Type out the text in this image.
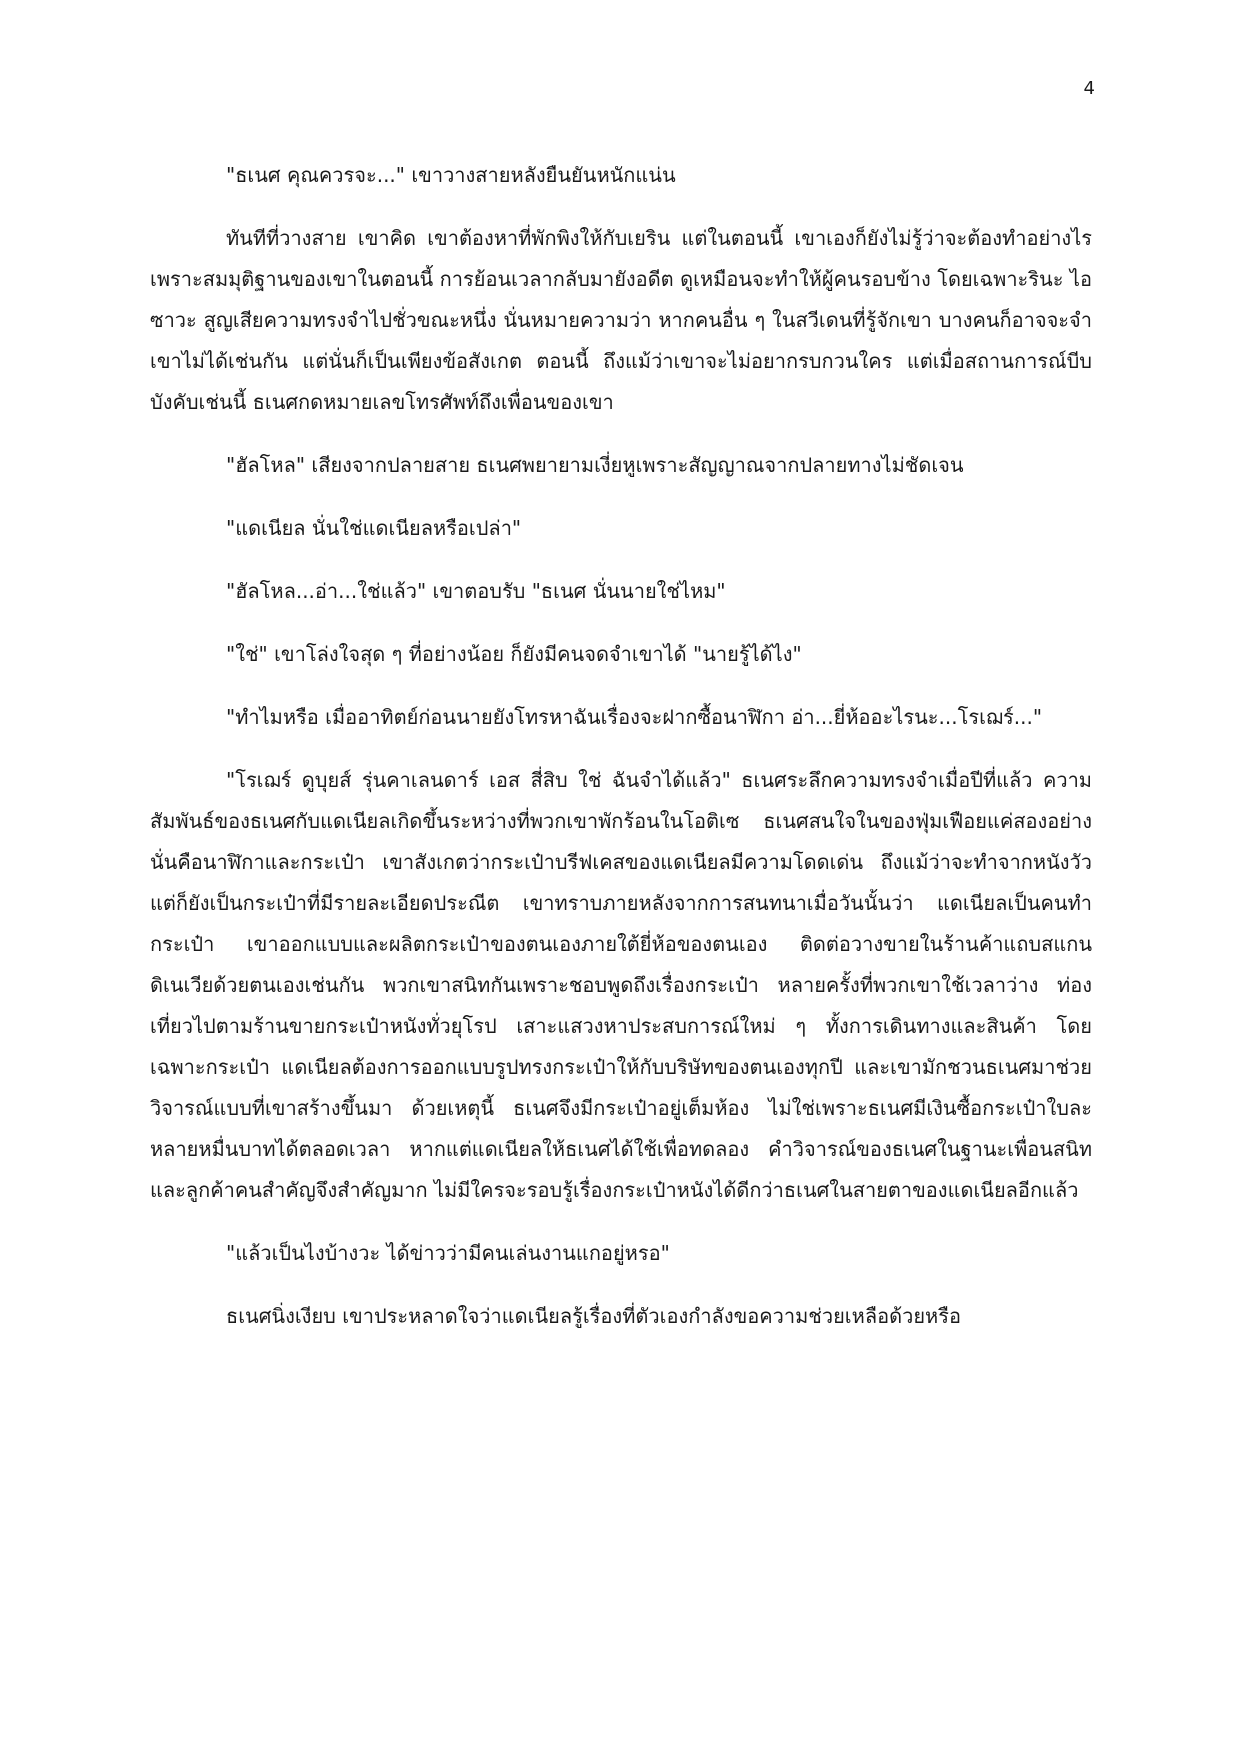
4

"ธเนศ คุณควรจะ..." เขาวางสายหลังยืนยันหนักแน่น

ทันทีที่วางสาย เขาคิด เขาต้องหาที่พักพิงให้กับเยริน แต่ในตอนนี้ เขาเองก็ยังไม่รู้ว่าจะต้องทำอย่างไร เพราะสมมุติฐานของเขาในตอนนี้ การย้อนเวลากลับมายังอดีต ดูเหมือนจะทำให้ผู้คนรอบข้าง โดยเฉพาะรินะ ไอซาวะ สูญเสียความทรงจำไปชั่วขณะหนึ่ง นั่นหมายความว่า หากคนอื่น ๆ ในสวีเดนที่รู้จักเขา บางคนก็อาจจะจำเขาไม่ได้เช่นกัน แต่นั่นก็เป็นเพียงข้อสังเกต ตอนนี้ ถึงแม้ว่าเขาจะไม่อยากรบกวนใคร แต่เมื่อสถานการณ์บีบบังคับเช่นนี้ ธเนศกดหมายเลขโทรศัพท์ถึงเพื่อนของเขา

"ฮัลโหล" เสียงจากปลายสาย ธเนศพยายามเงี่ยหูเพราะสัญญาณจากปลายทางไม่ชัดเจน

"แดเนียล นั่นใช่แดเนียลหรือเปล่า"

"ฮัลโหล...อ่า...ใช่แล้ว" เขาตอบรับ "ธเนศ นั่นนายใช่ไหม"

"ใช่" เขาโล่งใจสุด ๆ ที่อย่างน้อย ก็ยังมีคนจดจำเขาได้ "นายรู้ได้ไง"

"ทำไมหรือ เมื่ออาทิตย์ก่อนนายยังโทรหาฉันเรื่องจะฝากซื้อนาฬิกา อ่า...ยี่ห้ออะไรนะ...โรเฌร์..."

"โรเฌร์ ดูบุยส์ รุ่นคาเลนดาร์ เอส สี่สิบ ใช่ ฉันจำได้แล้ว" ธเนศระลึกความทรงจำเมื่อปีที่แล้ว ความสัมพันธ์ของธเนศกับแดเนียลเกิดขึ้นระหว่างที่พวกเขาพักร้อนในโอติเซ ธเนศสนใจในของฟุ่มเฟือยแค่สองอย่างนั่นคือนาฬิกาและกระเป๋า เขาสังเกตว่ากระเป๋าบรีฟเคสของแดเนียลมีความโดดเด่น ถึงแม้ว่าจะทำจากหนังวัว แต่ก็ยังเป็นกระเป๋าที่มีรายละเอียดประณีต เขาทราบภายหลังจากการสนทนาเมื่อวันนั้นว่า แดเนียลเป็นคนทำกระเป๋า เขาออกแบบและผลิตกระเป๋าของตนเองภายใต้ยี่ห้อของตนเอง ติดต่อวางขายในร้านค้าแถบสแกนดิเนเวียด้วยตนเองเช่นกัน พวกเขาสนิทกันเพราะชอบพูดถึงเรื่องกระเป๋า หลายครั้งที่พวกเขาใช้เวลาว่าง ท่องเที่ยวไปตามร้านขายกระเป๋าหนังทั่วยุโรป เสาะแสวงหาประสบการณ์ใหม่ ๆ ทั้งการเดินทางและสินค้า โดยเฉพาะกระเป๋า แดเนียลต้องการออกแบบรูปทรงกระเป๋าให้กับบริษัทของตนเองทุกปี และเขามักชวนธเนศมาช่วยวิจารณ์แบบที่เขาสร้างขึ้นมา ด้วยเหตุนี้ ธเนศจึงมีกระเป๋าอยู่เต็มห้อง ไม่ใช่เพราะธเนศมีเงินซื้อกระเป๋าใบละหลายหมื่นบาทได้ตลอดเวลา หากแต่แดเนียลให้ธเนศได้ใช้เพื่อทดลอง คำวิจารณ์ของธเนศในฐานะเพื่อนสนิทและลูกค้าคนสำคัญจึงสำคัญมาก ไม่มีใครจะรอบรู้เรื่องกระเป๋าหนังได้ดีกว่าธเนศในสายตาของแดเนียลอีกแล้ว

"แล้วเป็นไงบ้างวะ ได้ข่าวว่ามีคนเล่นงานแกอยู่หรอ"

ธเนศนิ่งเงียบ เขาประหลาดใจว่าแดเนียลรู้เรื่องที่ตัวเองกำลังขอความช่วยเหลือด้วยหรือ
